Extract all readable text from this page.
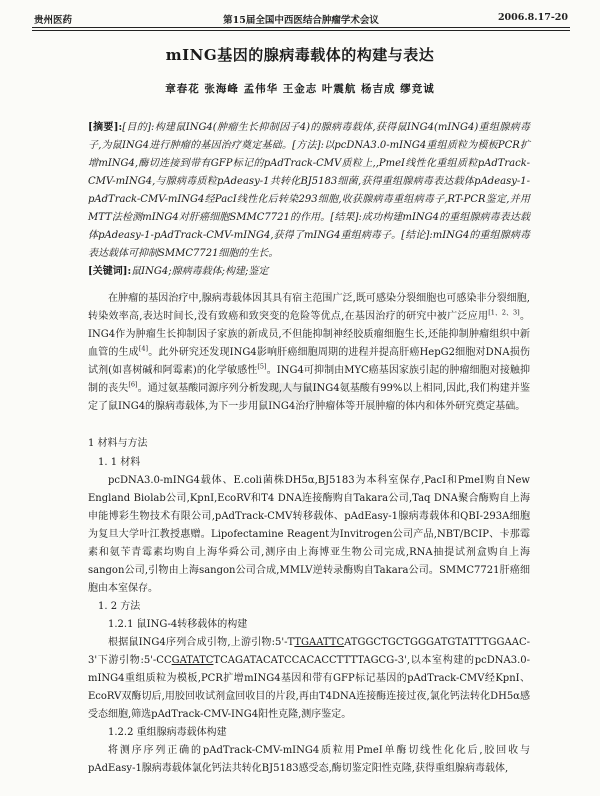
贵州医药	第15届全国中西医结合肿瘤学术会议	2006.8.17-20
mING基因的腺病毒载体的构建与表达
章春花 张海峰 孟伟华 王金志 叶震航 杨吉成 缪竞诚
[摘要]:[目的]:构建鼠ING4(肿瘤生长抑制因子4)的腺病毒载体,获得鼠ING4(mING4)重组腺病毒子,为鼠ING4进行肿瘤的基因治疗奠定基础。[方法]:以pcDNA3.0-mING4重组质粒为模板PCR扩增mING4,酶切连接到带有GFP标记的pAdTrack-CMV质粒上,,PmeI线性化重组质粒pAdTrack-CMV-mING4,与腺病毒质粒pAdeasy-1共转化BJ5183细菌,获得重组腺病毒表达载体pAdeasy-1-pAdTrack-CMV-mING4经PacI线性化后转染293细胞,收获腺病毒重组病毒子,RT-PCR鉴定,并用MTT法检测mING4对肝癌细胞SMMC7721的作用。[结果]:成功构建mING4的重组腺病毒表达载体pAdeasy-1-pAdTrack-CMV-mING4,获得了mING4重组病毒子。[结论]:mING4的重组腺病毒表达载体可抑制SMMC7721细胞的生长。
[关键词]:鼠ING4;腺病毒载体;构建;鉴定
在肿瘤的基因治疗中,腺病毒载体因其具有宿主范围广泛,既可感染分裂细胞也可感染非分裂细胞,转染效率高,表达时间长,没有致癌和致突变的危险等优点,在基因治疗的研究中被广泛应用[1、2、3]。ING4作为肿瘤生长抑制因子家族的新成员,不但能抑制神经胶质瘤细胞生长,还能抑制肿瘤组织中新血管的生成[4]。此外研究还发现ING4影响肝癌细胞周期的进程并提高肝癌HepG2细胞对DNA损伤试剂(如喜树碱和阿霉素)的化学敏感性[5]。ING4可抑制由MYC癌基因家族引起的肿瘤细胞对接触抑制的丧失[6]。通过氨基酸同源序列分析发现,人与鼠ING4氨基酸有99%以上相同,因此,我们构建并鉴定了鼠ING4的腺病毒载体,为下一步用鼠ING4治疗肿瘤体等开展肿瘤的体内和体外研究奠定基础。
1 材料与方法
1. 1 材料
pcDNA3.0-mING4载体、E.coli菌株DH5α,BJ5183为本科室保存,PacI和PmeI购自New England Biolab公司,KpnI,EcoRV和T4 DNA连接酶购自Takara公司,Taq DNA聚合酶购自上海申能博彩生物技术有限公司,pAdTrack-CMV转移载体、pAdEasy-1腺病毒载体和QBI-293A细胞为复旦大学叶江教授惠赠。Lipofectamine Reagent为Invitrogen公司产品,NBT/BCIP、卡那霉素和氨苄青霉素均购自上海华舜公司,测序由上海博亚生物公司完成,RNA抽提试剂盒购自上海sangon公司,引物由上海sangon公司合成,MMLV逆转录酶购自Takara公司。SMMC7721肝癌细胞由本室保存。
1. 2 方法
1.2.1 鼠ING-4转移载体的构建
根据鼠ING4序列合成引物,上游引物:5'-TTGAATTCATGGCTGCTGGGATGTATTTGGAAC-3'下游引物:5'-CCGATATCTCAGATACATCCACACCTTTTAGCG-3',以本室构建的pcDNA3.0-mING4重组质粒为模板,PCR扩增mING4基因和带有GFP标记基因的pAdTrack-CMV经KpnI、EcoRV双酶切后,用胶回收试剂盒回收目的片段,再由T4DNA连接酶连接过夜,氯化钙法转化DH5α感受态细胞,筛选pAdTrack-CMV-ING4阳性克隆,测序鉴定。
1.2.2 重组腺病毒载体构建
将测序序列正确的pAdTrack-CMV-mING4质粒用PmeI单酶切线性化化后,胶回收与pAdEasy-1腺病毒载体氯化钙法共转化BJ5183感受态,酶切鉴定阳性克隆,获得重组腺病毒载体,
